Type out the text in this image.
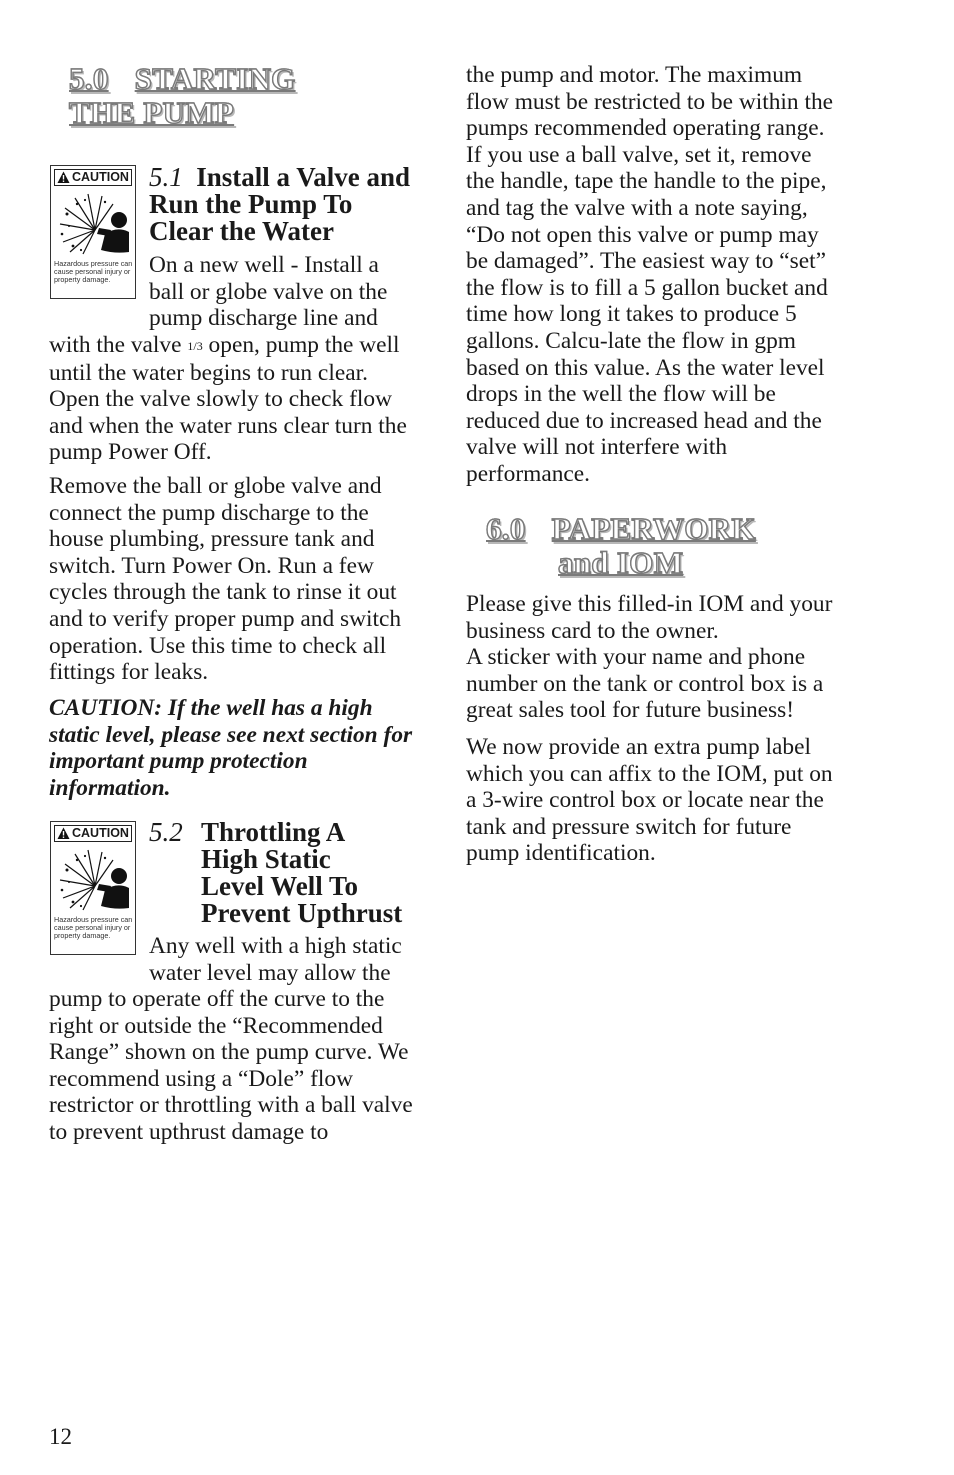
5.0 STARTING
THE PUMP
CAUTION
Hazardous pressure can cause personal injury or property damage.
5.1 Install a Valve and Run the Pump To Clear the Water
On a new well - Install a
ball or globe valve on the
pump discharge line and

with the valve 1/3 open, pump the well until the water begins to run clear. Open the valve slowly to check flow and when the water runs clear turn the pump Power Off.

Remove the ball or globe valve and connect the pump discharge to the house plumbing, pressure tank and switch. Turn Power On. Run a few cycles through the tank to rinse it out and to verify proper pump and switch operation. Use this time to check all fittings for leaks.

CAUTION: If the well has a high static level, please see next section for important pump protection information.

CAUTION
Hazardous pressure can cause personal injury or property damage.
5.2 Throttling A
High Static
Level Well To
Prevent Upthrust
Any well with a high static
water level may allow the

pump to operate off the curve to the right or outside the “Recommended Range” shown on the pump curve. We recommend using a “Dole” flow restrictor or throttling with a ball valve to prevent upthrust damage to

the pump and motor. The maximum flow must be restricted to be within the pumps recommended operating range. If you use a ball valve, set it, remove the handle, tape the handle to the pipe, and tag the valve with a note saying, “Do not open this valve or pump may be damaged”. The easiest way to “set” the flow is to fill a 5 gallon bucket and time how long it takes to produce 5 gallons. Calcu-late the flow in gpm based on this value. As the water level drops in the well the flow will be reduced due to increased head and the valve will not interfere with performance.

6.0 PAPERWORK
and IOM

Please give this filled-in IOM and your business card to the owner.

A sticker with your name and phone number on the tank or control box is a great sales tool for future business!

We now provide an extra pump label which you can affix to the IOM, put on a 3-wire control box or locate near the tank and pressure switch for future pump identification.

12
